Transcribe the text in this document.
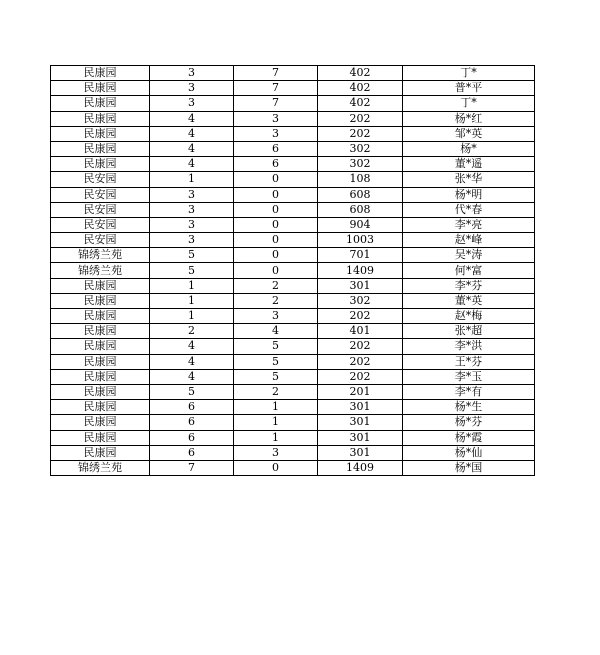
民康园	3	7	402	丁*
民康园	3	7	402	普*平
民康园	3	7	402	丁*
民康园	4	3	202	杨*红
民康园	4	3	202	邹*英
民康园	4	6	302	杨*
民康园	4	6	302	董*遥
民安园	1	0	108	张*华
民安园	3	0	608	杨*明
民安园	3	0	608	代*春
民安园	3	0	904	李*亮
民安园	3	0	1003	赵*峰
锦绣兰苑	5	0	701	吴*涛
锦绣兰苑	5	0	1409	何*富
民康园	1	2	301	李*芬
民康园	1	2	302	董*英
民康园	1	3	202	赵*梅
民康园	2	4	401	张*超
民康园	4	5	202	李*洪
民康园	4	5	202	王*芬
民康园	4	5	202	李*玉
民康园	5	2	201	李*有
民康园	6	1	301	杨*生
民康园	6	1	301	杨*芬
民康园	6	1	301	杨*霞
民康园	6	3	301	杨*仙
锦绣兰苑	7	0	1409	杨*国
